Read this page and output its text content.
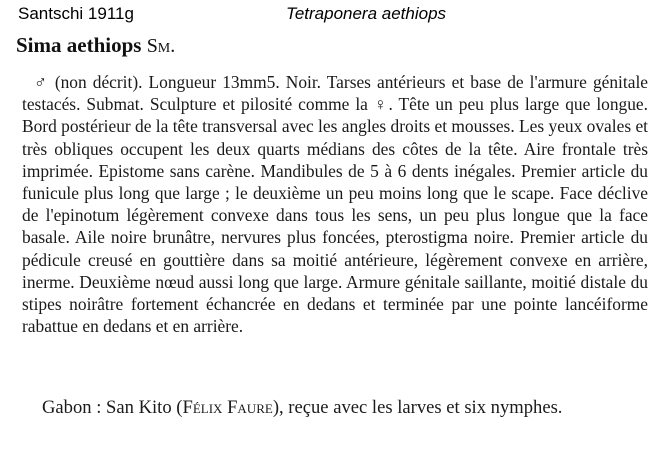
Santschi 1911g	Tetraponera aethiops
Sima aethiops Sm.
♂ (non décrit). Longueur 13mm5. Noir. Tarses antérieurs et base de l'armure génitale testacés. Submat. Sculpture et pilosité comme la ♀. Tête un peu plus large que longue. Bord postérieur de la tête transversal avec les angles droits et mousses. Les yeux ovales et très obliques occupent les deux quarts médians des côtes de la tête. Aire frontale très imprimée. Epistome sans carène. Mandibules de 5 à 6 dents inégales. Premier article du funicule plus long que large ; le deuxième un peu moins long que le scape. Face déclive de l'epinotum légèrement convexe dans tous les sens, un peu plus longue que la face basale. Aile noire brunâtre, nervures plus foncées, pterostigma noire. Premier article du pédicule creusé en gouttière dans sa moitié antérieure, légèrement convexe en arrière, inerme. Deuxième nœud aussi long que large. Armure génitale saillante, moitié distale du stipes noirâtre fortement échancrée en dedans et terminée par une pointe lancéiforme rabattue en dedans et en arrière.
Gabon : San Kito (Félix Faure), reçue avec les larves et six nymphes.
